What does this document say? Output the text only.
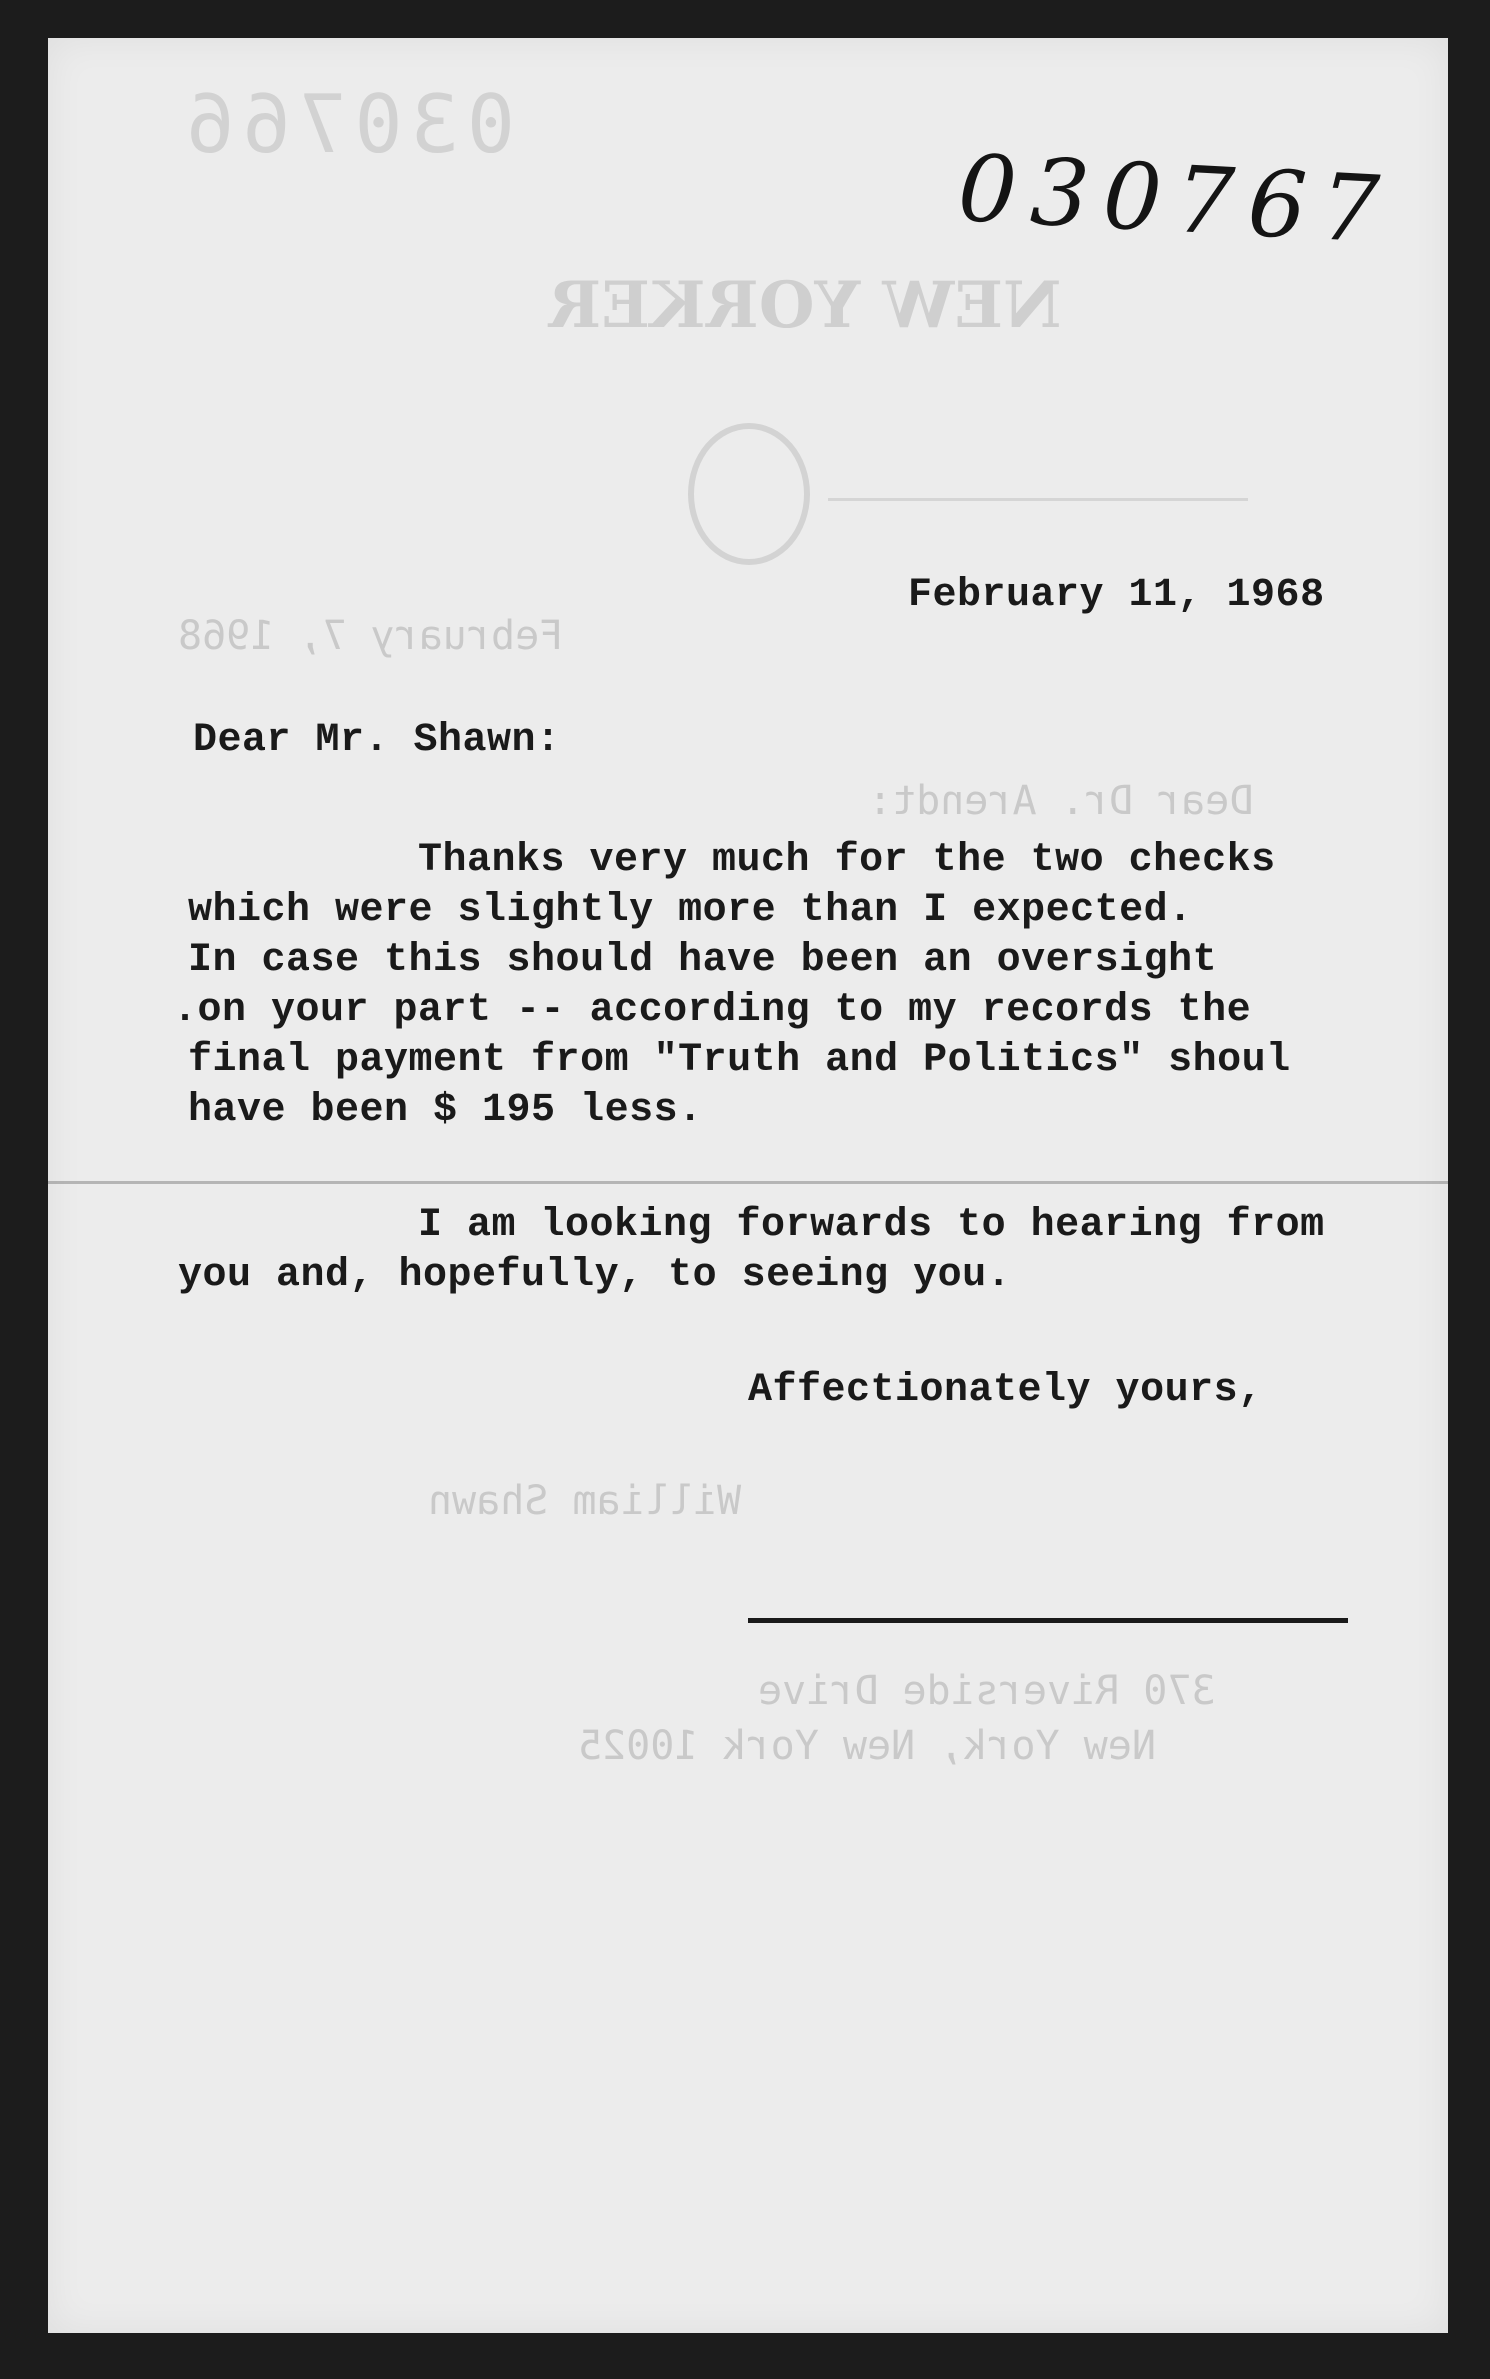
030766
NEW YORKER
February 7, 1968
Dear Dr. Arendt:
William Shawn
370 Riverside Drive
New York, New York 10025
030767
February 11, 1968
Dear Mr. Shawn:
Thanks very much for the two checks
which were slightly more than I expected.
In case this should have been an oversight
.on your part -- according to my records the
final payment from "Truth and Politics" shoul
have been $ 195 less.
I am looking forwards to hearing from
you and, hopefully, to seeing you.
Affectionately yours,
